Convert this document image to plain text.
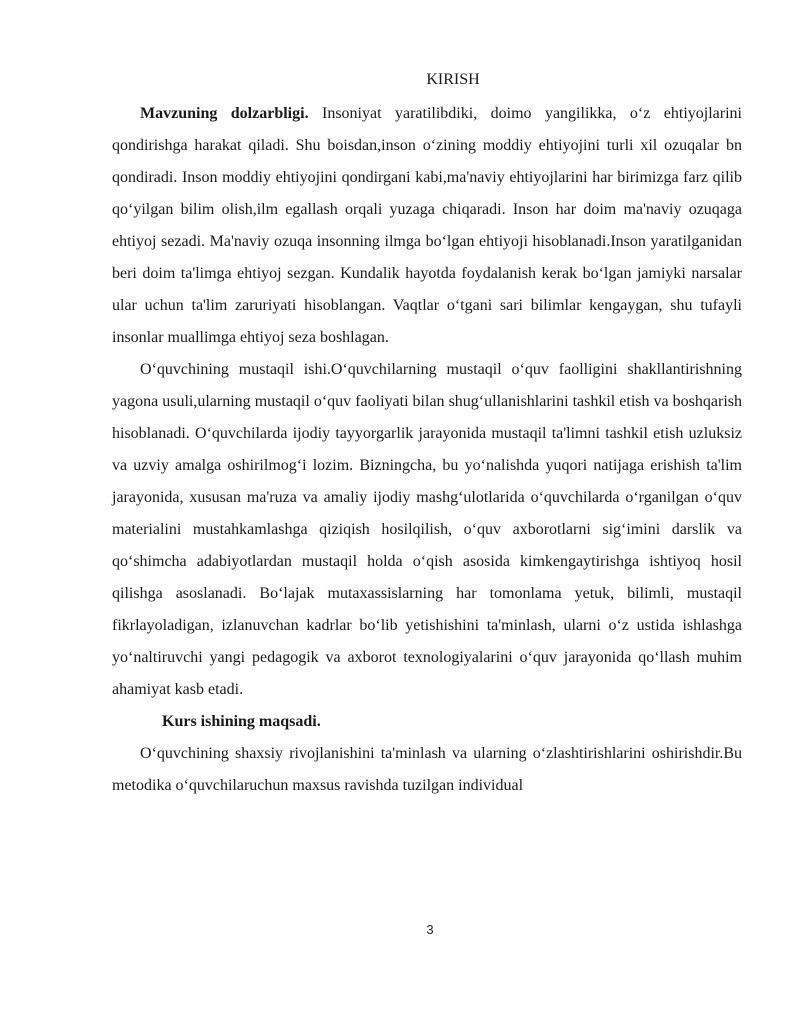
KIRISH

Mavzuning dolzarbligi. Insoniyat yaratilibdiki, doimo yangilikka, o‘z ehtiyojlarini qondirishga harakat qiladi. Shu boisdan,inson o‘zining moddiy ehtiyojini turli xil ozuqalar bn qondiradi. Inson moddiy ehtiyojini qondirgani kabi,ma'naviy ehtiyojlarini har birimizga farz qilib qo‘yilgan bilim olish,ilm egallash orqali yuzaga chiqaradi. Inson har doim ma'naviy ozuqaga ehtiyoj sezadi. Ma'naviy ozuqa insonning ilmga bo‘lgan ehtiyoji hisoblanadi.Inson yaratilganidan beri doim ta'limga ehtiyoj sezgan. Kundalik hayotda foydalanish kerak bo‘lgan jamiyki narsalar ular uchun ta'lim zaruriyati hisoblangan. Vaqtlar o‘tgani sari bilimlar kengaygan, shu tufayli insonlar muallimga ehtiyoj seza boshlagan.

O‘quvchining mustaqil ishi.O‘quvchilarning mustaqil o‘quv faolligini shakllantirishning yagona usuli,ularning mustaqil o‘quv faoliyati bilan shug‘ullanishlarini tashkil etish va boshqarish hisoblanadi. O‘quvchilarda ijodiy tayyorgarlik jarayonida mustaqil ta'limni tashkil etish uzluksiz va uzviy amalga oshirilmog‘i lozim. Bizningcha, bu yo‘nalishda yuqori natijaga erishish ta'lim jarayonida, xususan ma'ruza va amaliy ijodiy mashg‘ulotlarida o‘quvchilarda o‘rganilgan o‘quv materialini mustahkamlashga qiziqish hosilqilish, o‘quv axborotlarni sig‘imini darslik va qo‘shimcha adabiyotlardan mustaqil holda o‘qish asosida kimkengaytirishga ishtiyoq hosil qilishga asoslanadi. Bo‘lajak mutaxassislarning har tomonlama yetuk, bilimli, mustaqil fikrlayoladigan, izlanuvchan kadrlar bo‘lib yetishishini ta'minlash, ularni o‘z ustida ishlashga yo‘naltiruvchi yangi pedagogik va axborot texnologiyalarini o‘quv jarayonida qo‘llash muhim ahamiyat kasb etadi.

Kurs ishining maqsadi.

O‘quvchining shaxsiy rivojlanishini ta'minlash va ularning o‘zlashtirishlarini oshirishdir.Bu metodika o‘quvchilaruchun maxsus ravishda tuzilgan individual

3
